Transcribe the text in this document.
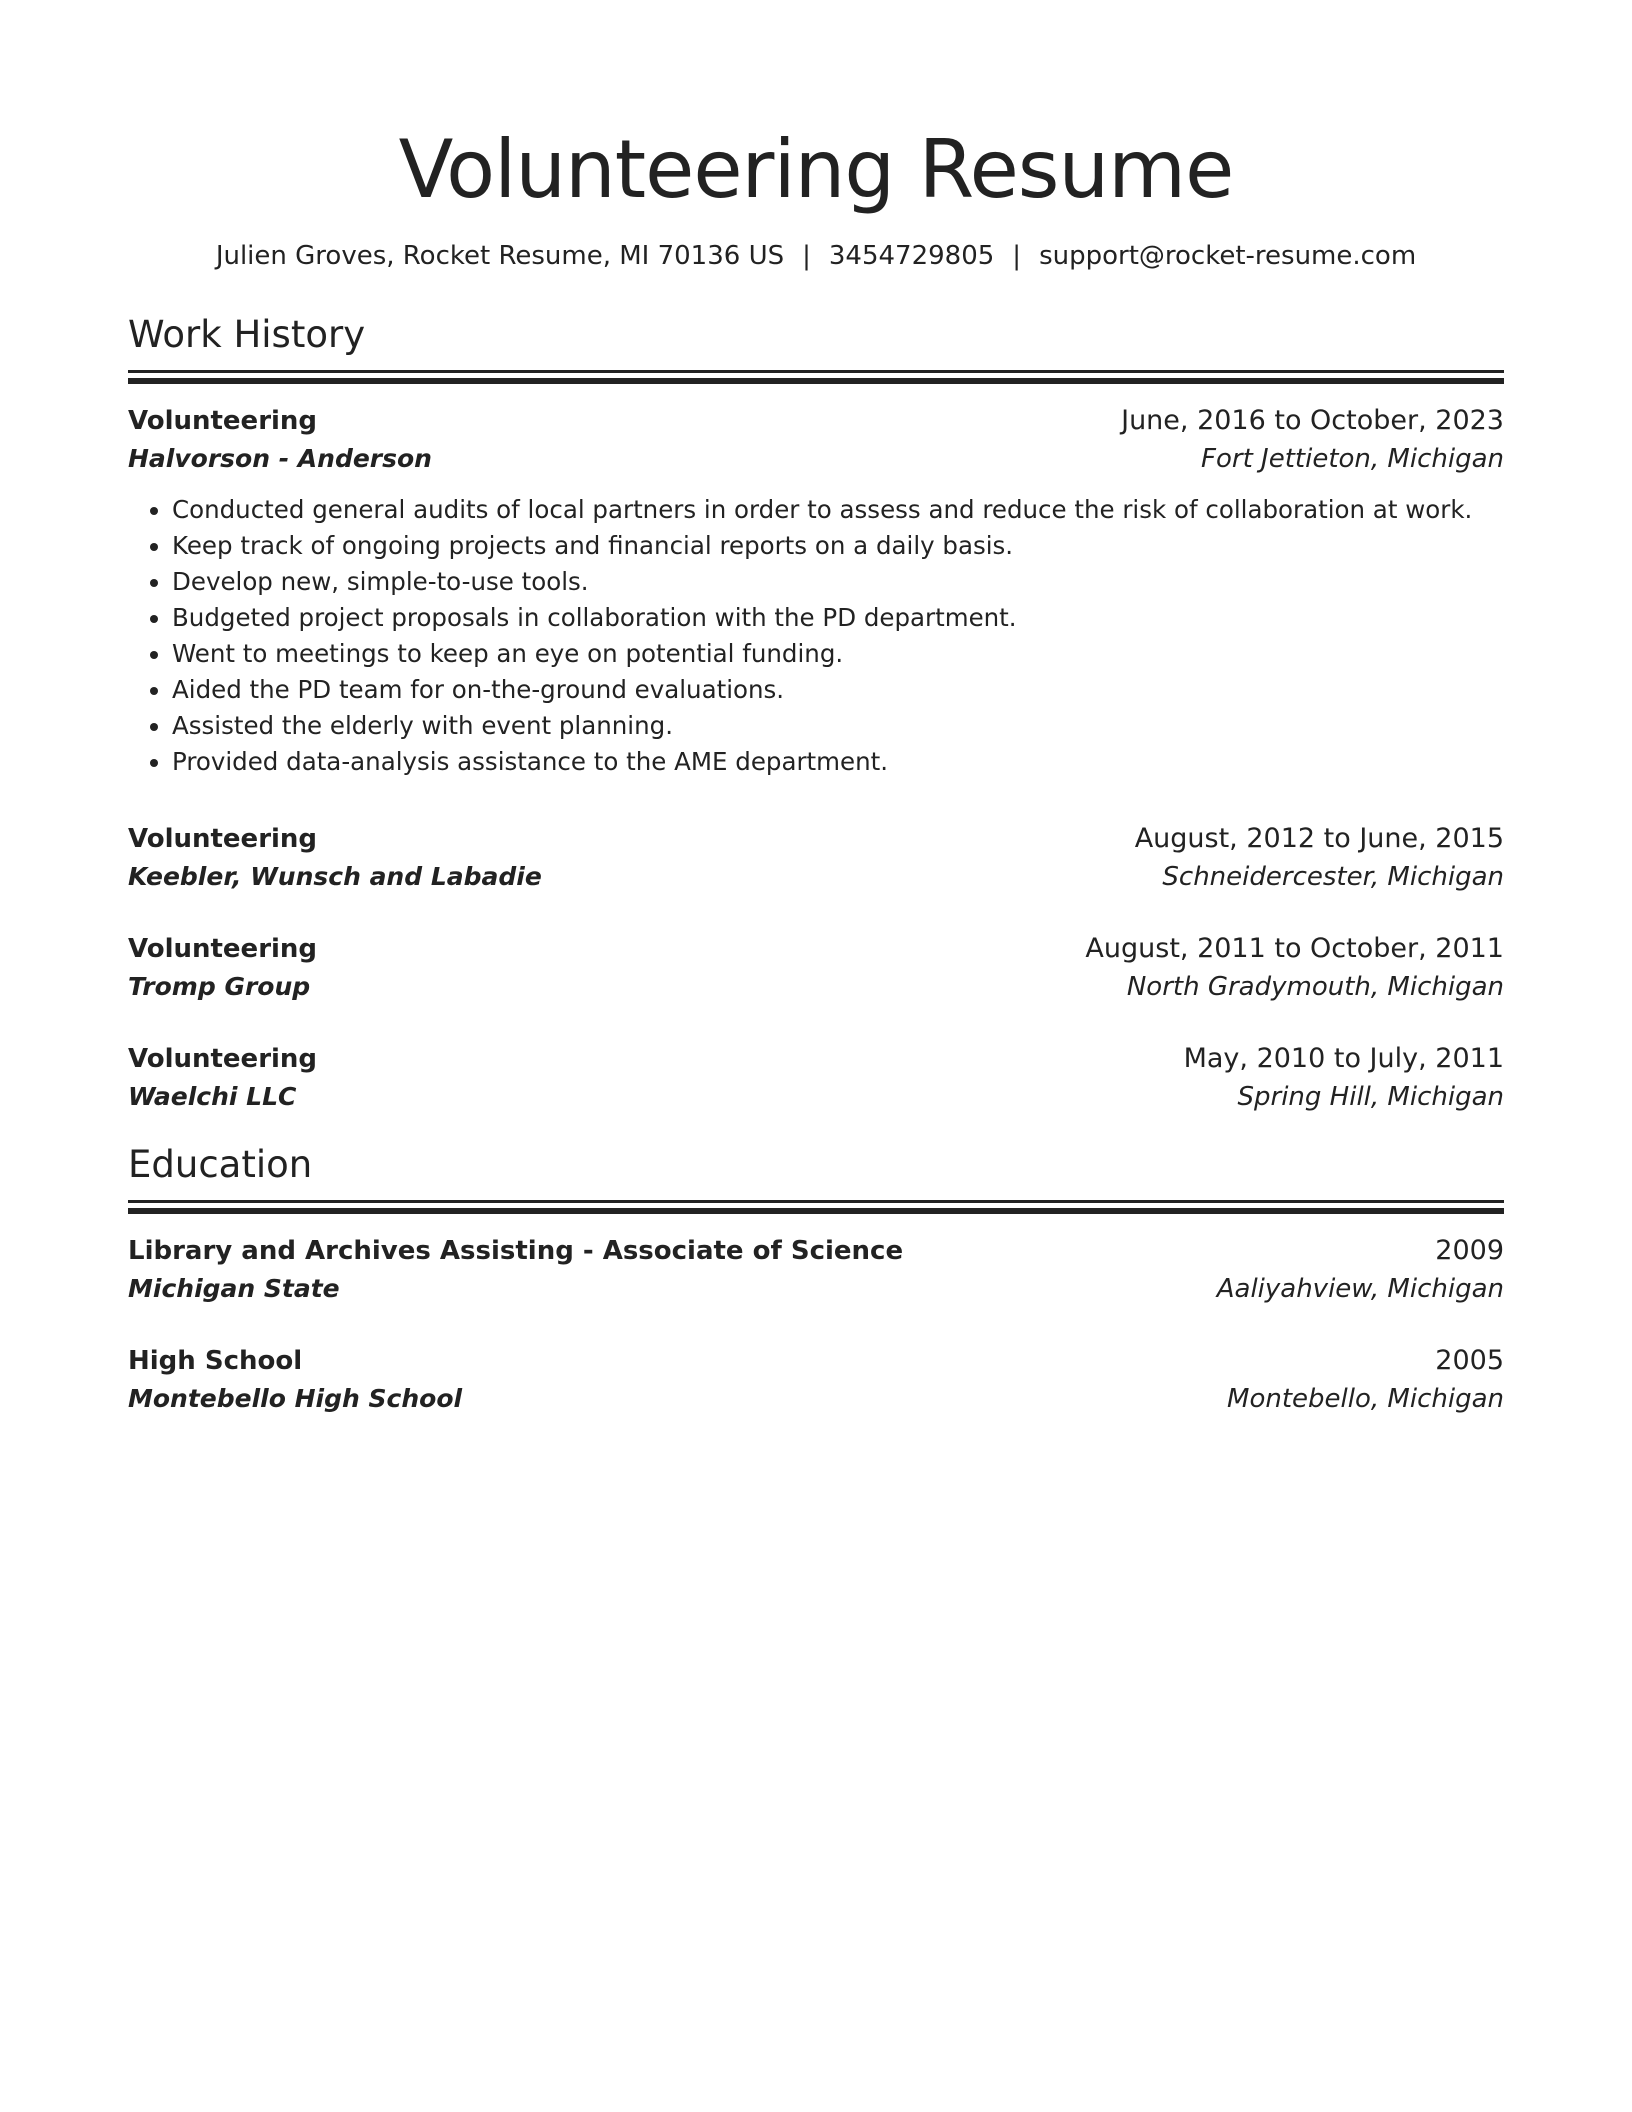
Volunteering Resume
Julien Groves, Rocket Resume, MI 70136 US | 3454729805 | support@rocket-resume.com
Work History
Volunteering	June, 2016 to October, 2023
Halvorson - Anderson	Fort Jettieton, Michigan
• Conducted general audits of local partners in order to assess and reduce the risk of collaboration at work.
• Keep track of ongoing projects and financial reports on a daily basis.
• Develop new, simple-to-use tools.
• Budgeted project proposals in collaboration with the PD department.
• Went to meetings to keep an eye on potential funding.
• Aided the PD team for on-the-ground evaluations.
• Assisted the elderly with event planning.
• Provided data-analysis assistance to the AME department.
Volunteering	August, 2012 to June, 2015
Keebler, Wunsch and Labadie	Schneidercester, Michigan
Volunteering	August, 2011 to October, 2011
Tromp Group	North Gradymouth, Michigan
Volunteering	May, 2010 to July, 2011
Waelchi LLC	Spring Hill, Michigan
Education
Library and Archives Assisting - Associate of Science	2009
Michigan State	Aaliyahview, Michigan
High School	2005
Montebello High School	Montebello, Michigan
